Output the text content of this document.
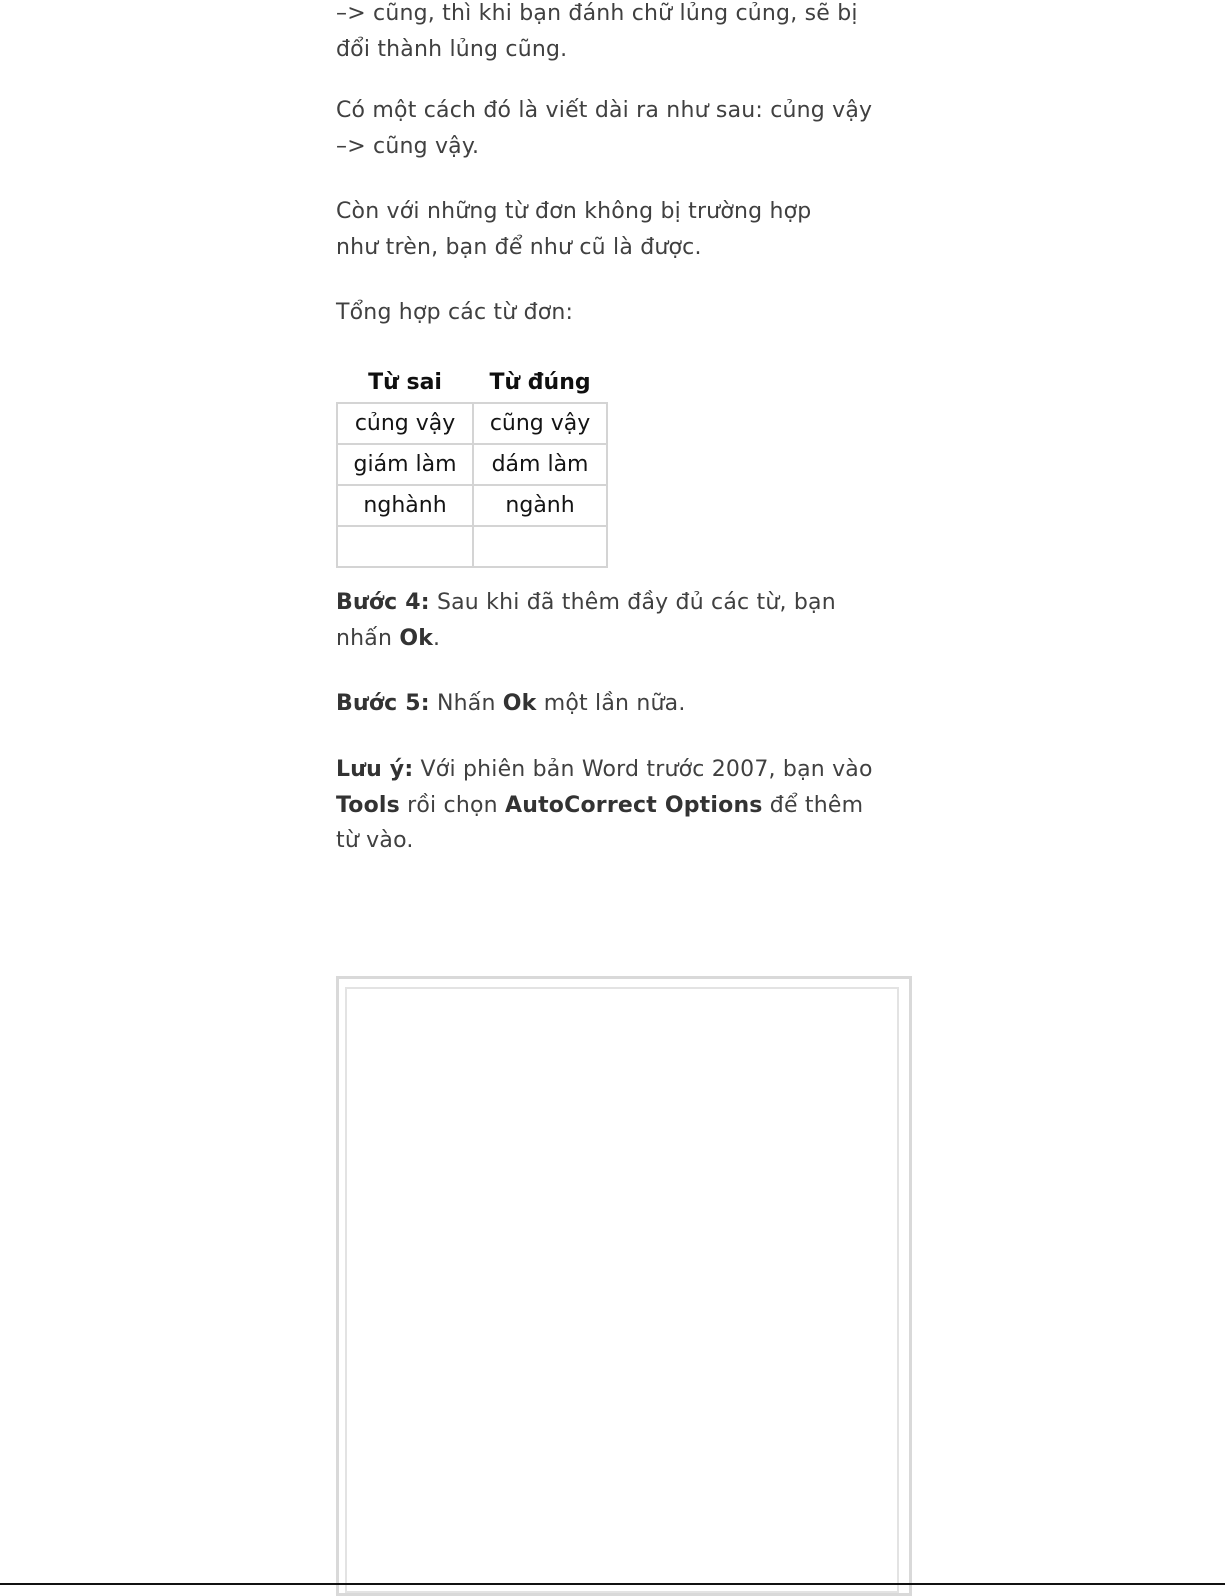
–> cũng, thì khi bạn đánh chữ lủng củng, sẽ bị
đổi thành lủng cũng.

Có một cách đó là viết dài ra như sau: củng vậy
–> cũng vậy.

Còn với những từ đơn không bị trường hợp
như trèn, bạn để như cũ là được.

Tổng hợp các từ đơn:

Từ sai	Từ đúng
củng vậy	cũng vậy
giám làm	dám làm
nghành	ngành

Bước 4: Sau khi đã thêm đầy đủ các từ, bạn
nhấn Ok.

Bước 5: Nhấn Ok một lần nữa.

Lưu ý: Với phiên bản Word trước 2007, bạn vào
Tools rồi chọn AutoCorrect Options để thêm
từ vào.
